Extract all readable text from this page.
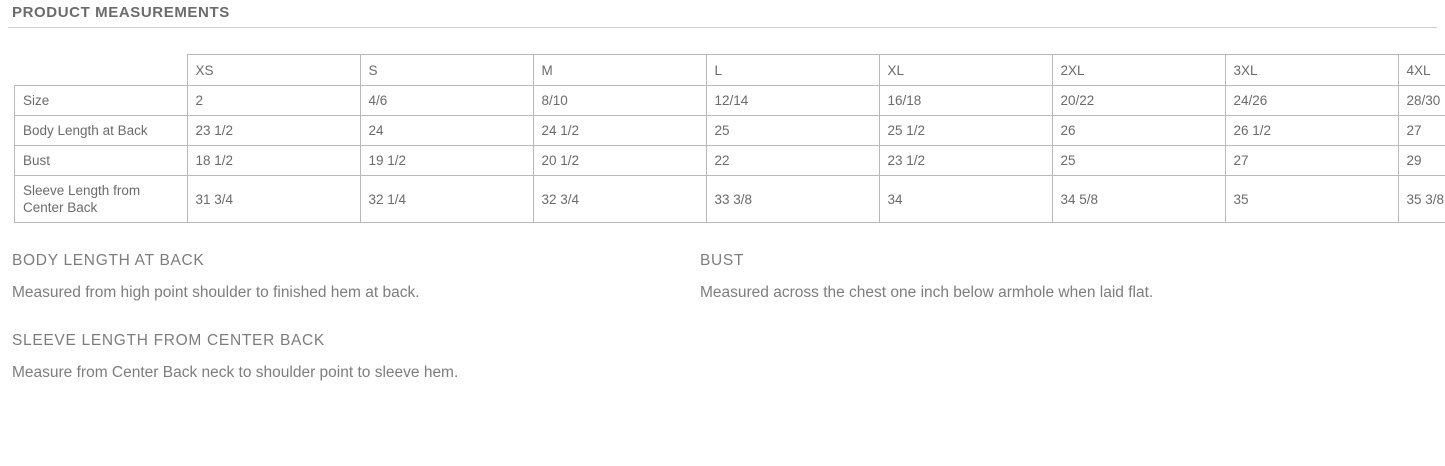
PRODUCT MEASUREMENTS
	XS	S	M	L	XL	2XL	3XL	4XL
Size	2	4/6	8/10	12/14	16/18	20/22	24/26	28/30
Body Length at Back	23 1/2	24	24 1/2	25	25 1/2	26	26 1/2	27
Bust	18 1/2	19 1/2	20 1/2	22	23 1/2	25	27	29
Sleeve Length from Center Back	31 3/4	32 1/4	32 3/4	33 3/8	34	34 5/8	35	35 3/8
BODY LENGTH AT BACK
Measured from high point shoulder to finished hem at back.
BUST
Measured across the chest one inch below armhole when laid flat.
SLEEVE LENGTH FROM CENTER BACK
Measure from Center Back neck to shoulder point to sleeve hem.
